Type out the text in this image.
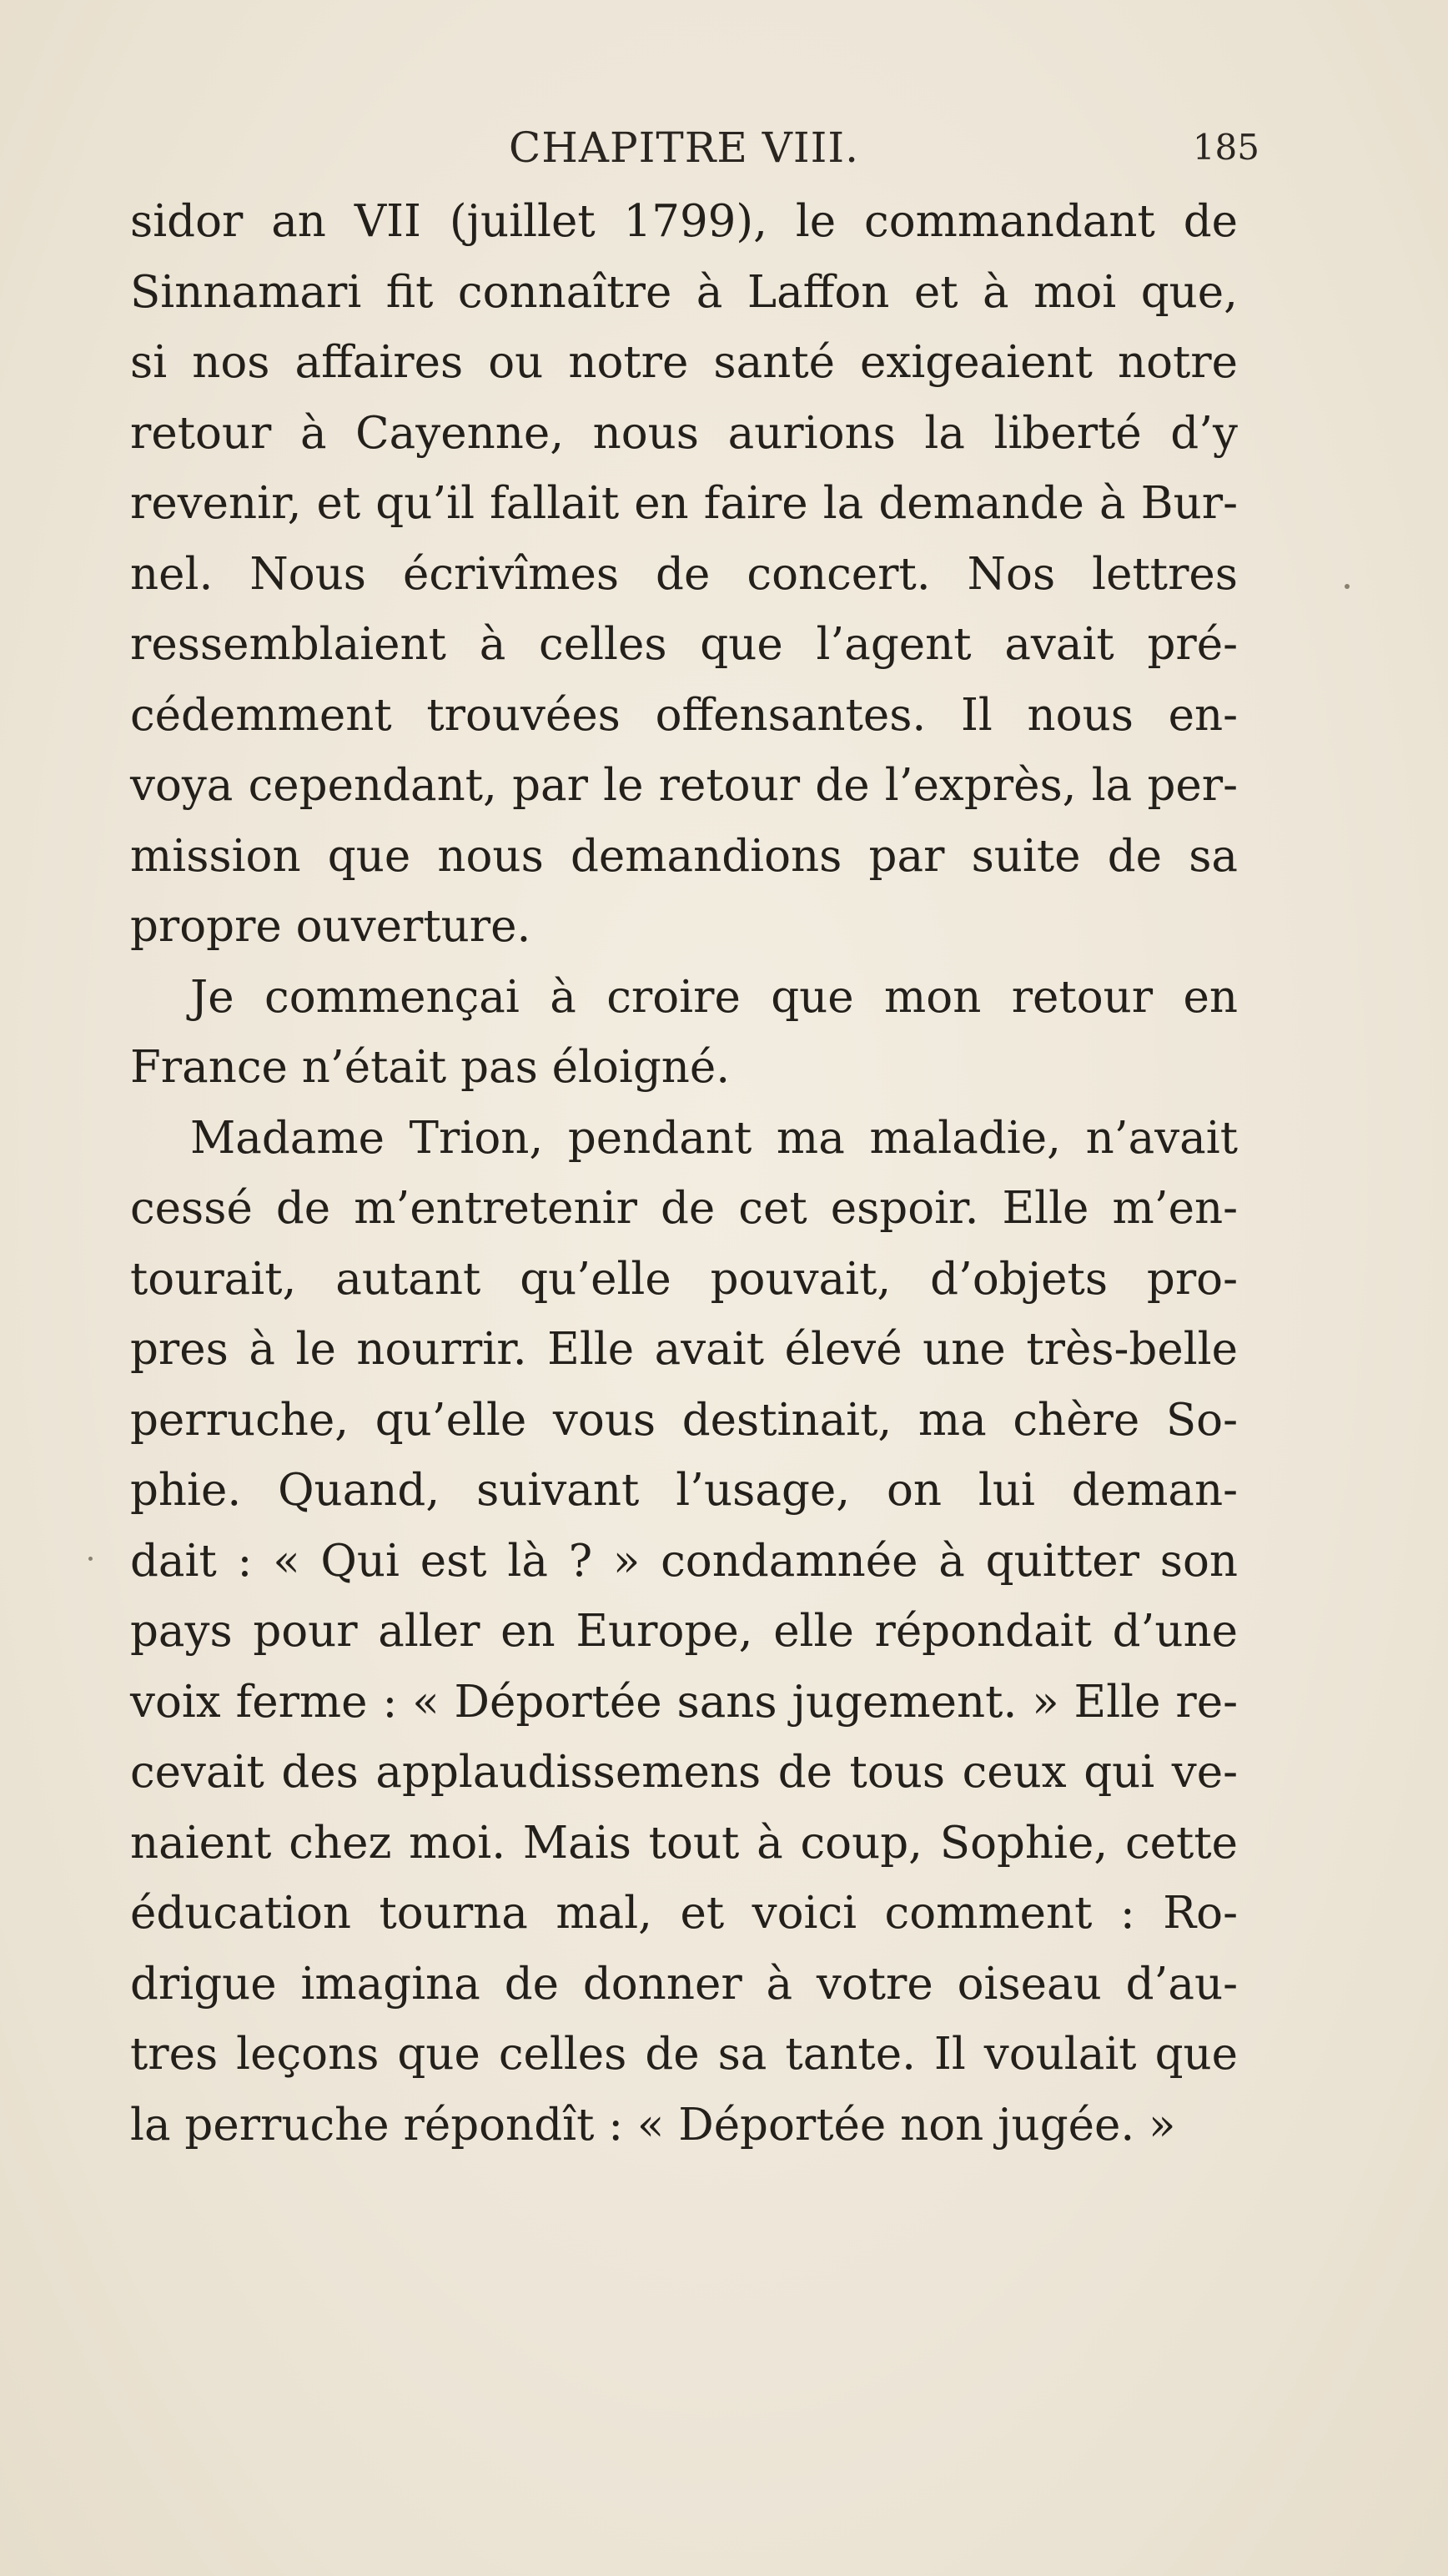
CHAPITRE VIII.	185
sidor an VII (juillet 1799), le commandant de
Sinnamari fit connaître à Laffon et à moi que,
si nos affaires ou notre santé exigeaient notre
retour à Cayenne, nous aurions la liberté d’y
revenir, et qu’il fallait en faire la demande à Bur-
nel. Nous écrivîmes de concert. Nos lettres
ressemblaient à celles que l’agent avait pré-
cédemment trouvées offensantes. Il nous en-
voya cependant, par le retour de l’exprès, la per-
mission que nous demandions par suite de sa
propre ouverture.
Je commençai à croire que mon retour en
France n’était pas éloigné.
Madame Trion, pendant ma maladie, n’avait
cessé de m’entretenir de cet espoir. Elle m’en-
tourait, autant qu’elle pouvait, d’objets pro-
pres à le nourrir. Elle avait élevé une très-belle
perruche, qu’elle vous destinait, ma chère So-
phie. Quand, suivant l’usage, on lui deman-
dait : « Qui est là ? » condamnée à quitter son
pays pour aller en Europe, elle répondait d’une
voix ferme : « Déportée sans jugement. » Elle re-
cevait des applaudissemens de tous ceux qui ve-
naient chez moi. Mais tout à coup, Sophie, cette
éducation tourna mal, et voici comment : Ro-
drigue imagina de donner à votre oiseau d’au-
tres leçons que celles de sa tante. Il voulait que
la perruche répondît : « Déportée non jugée. »
